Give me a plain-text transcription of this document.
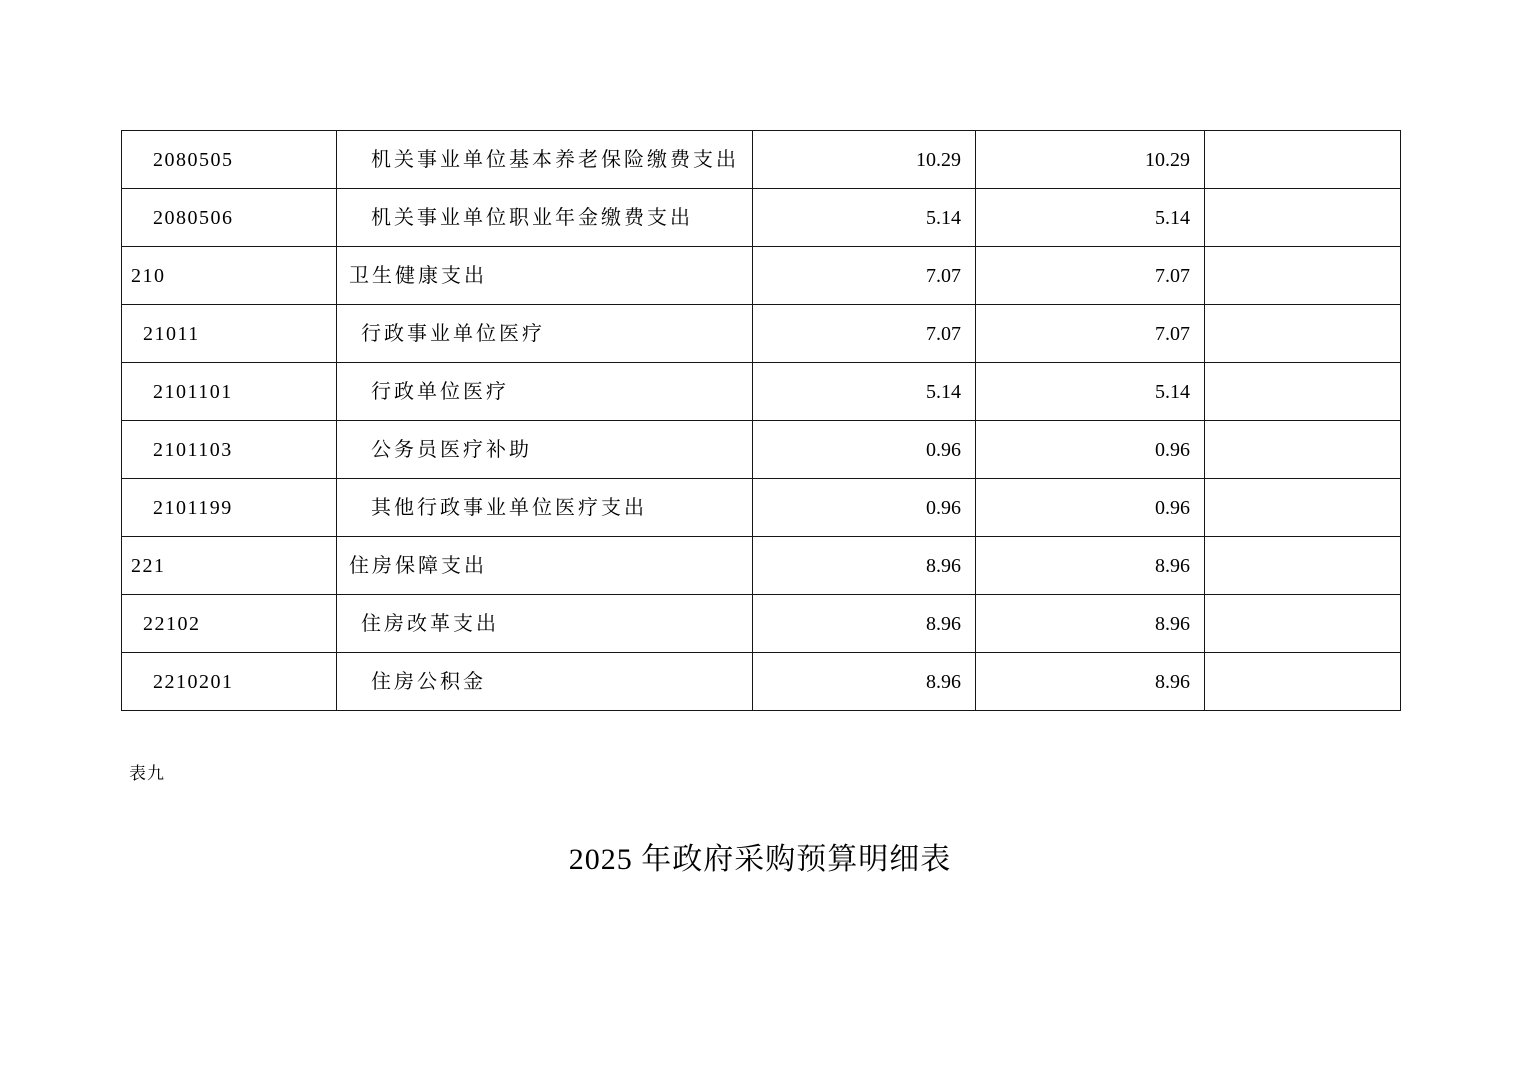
2080505	机关事业单位基本养老保险缴费支出	10.29	10.29	
2080506	机关事业单位职业年金缴费支出	5.14	5.14	
210	卫生健康支出	7.07	7.07	
21011	行政事业单位医疗	7.07	7.07	
2101101	行政单位医疗	5.14	5.14	
2101103	公务员医疗补助	0.96	0.96	
2101199	其他行政事业单位医疗支出	0.96	0.96	
221	住房保障支出	8.96	8.96	
22102	住房改革支出	8.96	8.96	
2210201	住房公积金	8.96	8.96	
表九
2025 年政府采购预算明细表
